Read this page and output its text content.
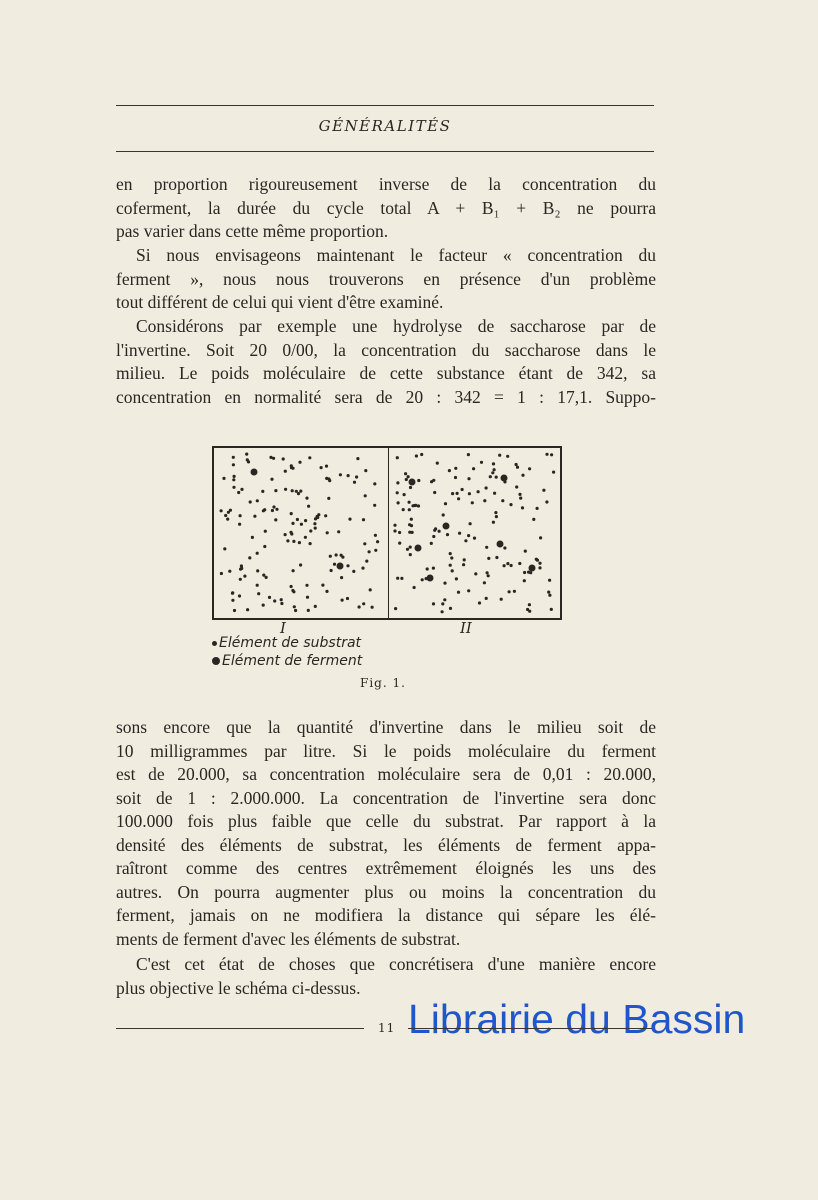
GÉNÉRALITÉS

en proportion rigoureusement inverse de la concentration du
coferment, la durée du cycle total A + B₁ + B₂ ne pourra
pas varier dans cette même proportion.

Si nous envisageons maintenant le facteur « concentration du
ferment », nous nous trouverons en présence d'un problème
tout différent de celui qui vient d'être examiné.

Considérons par exemple une hydrolyse de saccharose par de
l'invertine. Soit 20 0/00, la concentration du saccharose dans le
milieu. Le poids moléculaire de cette substance étant de 342, sa
concentration en normalité sera de 20 : 342 = 1 : 17,1. Suppo-

I	II
Elément de substrat
Elément de ferment
Fig. 1.

sons encore que la quantité d'invertine dans le milieu soit de
10 milligrammes par litre. Si le poids moléculaire du ferment
est de 20.000, sa concentration moléculaire sera de 0,01 : 20.000,
soit de 1 : 2.000.000. La concentration de l'invertine sera donc
100.000 fois plus faible que celle du substrat. Par rapport à la
densité des éléments de substrat, les éléments de ferment appa-
raîtront comme des centres extrêmement éloignés les uns des
autres. On pourra augmenter plus ou moins la concentration du
ferment, jamais on ne modifiera la distance qui sépare les élé-
ments de ferment d'avec les éléments de substrat.

C'est cet état de choses que concrétisera d'une manière encore
plus objective le schéma ci-dessus.

11 Librairie du Bassin
